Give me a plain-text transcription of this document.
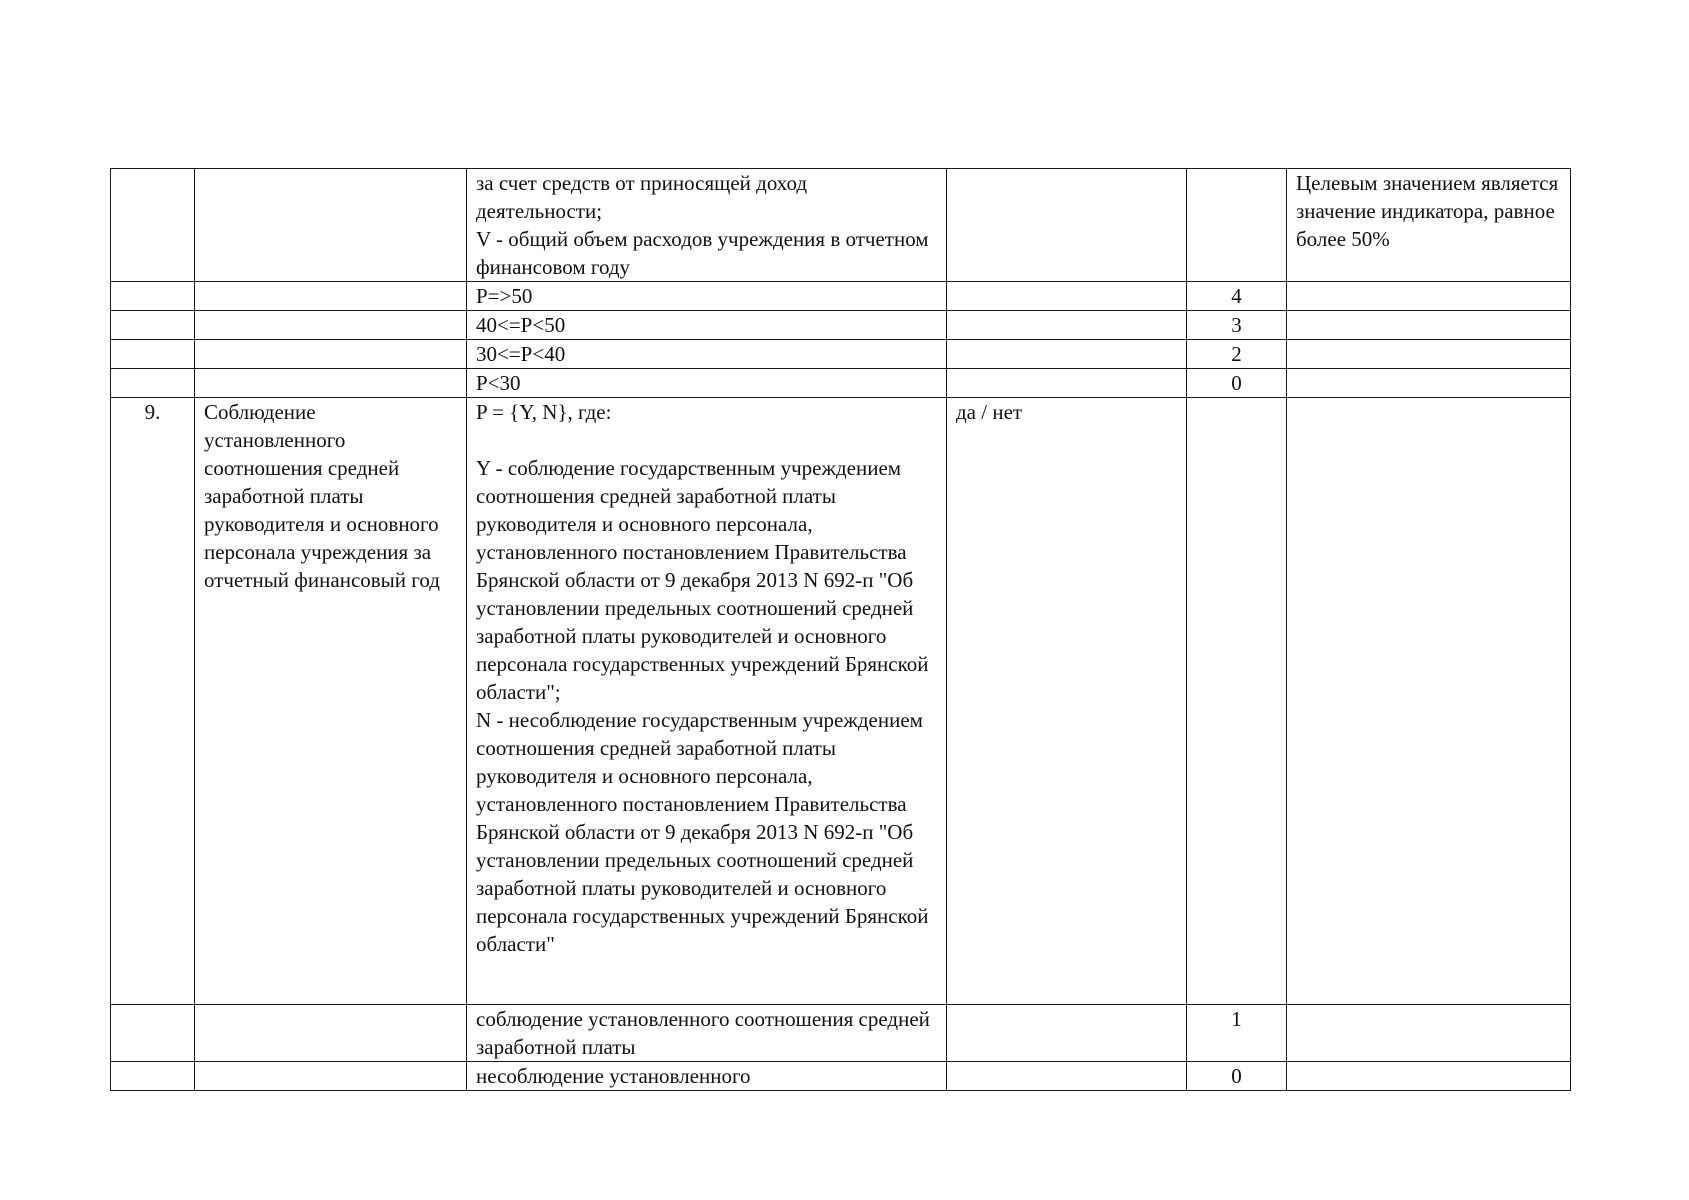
		за счет средств от приносящей доход деятельности;
V - общий объем расходов учреждения в отчетном финансовом году			Целевым значением является значение индикатора, равное более 50%
		P=>50		4	
		40<=P<50		3	
		30<=P<40		2	
		P<30		0	
9.	Соблюдение установленного соотношения средней заработной платы руководителя и основного персонала учреждения за отчетный финансовый год	P = {Y, N}, где:

Y - соблюдение государственным учреждением соотношения средней заработной платы руководителя и основного персонала, установленного постановлением Правительства Брянской области от 9 декабря 2013 N 692-п "Об установлении предельных соотношений средней заработной платы руководителей и основного персонала государственных учреждений Брянской области";
N - несоблюдение государственным учреждением соотношения средней заработной платы руководителя и основного персонала, установленного постановлением Правительства Брянской области от 9 декабря 2013 N 692-п "Об установлении предельных соотношений средней заработной платы руководителей и основного персонала государственных учреждений Брянской области"	да / нет		
		соблюдение установленного соотношения средней заработной платы		1	
		несоблюдение установленного		0	
